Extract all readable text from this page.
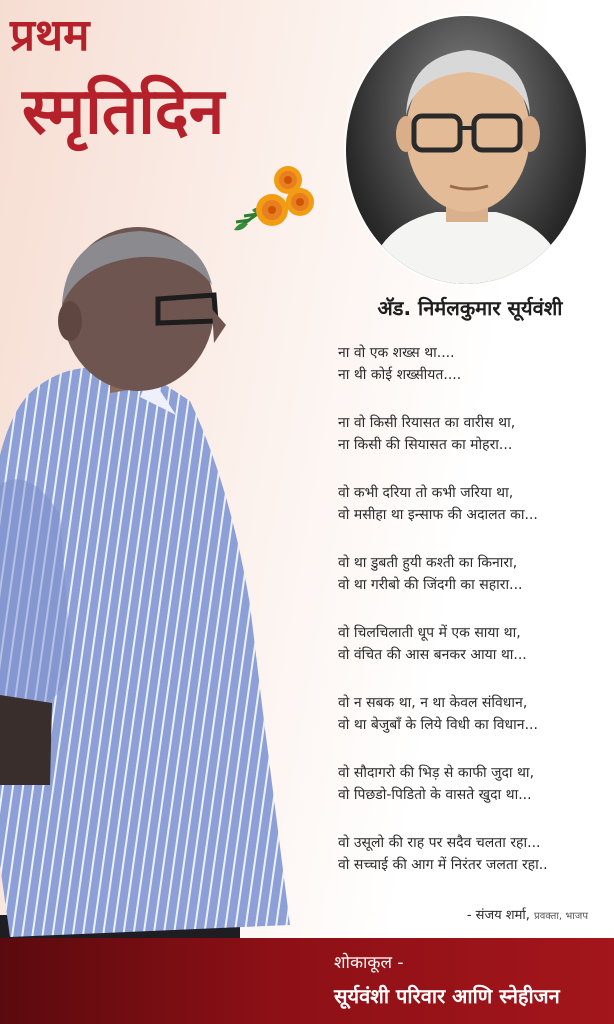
प्रथम
स्मृतिदिन
अ‍ॅड. निर्मलकुमार सूर्यवंशी
ना वो एक शख्स था....
ना थी कोई शख्सीयत....
ना वो किसी रियासत का वारीस था,
ना किसी की सियासत का मोहरा...
वो कभी दरिया तो कभी जरिया था,
वो मसीहा था इन्साफ की अदालत का...
वो था डुबती हुयी कश्ती का किनारा,
वो था गरीबो की जिंदगी का सहारा...
वो चिलचिलाती धूप में एक साया था,
वो वंचित की आस बनकर आया था...
वो न सबक था, न था केवल संविधान,
वो था बेजुबाँ के लिये विधी का विधान...
वो सौदागरो की भिड़ से काफी जुदा था,
वो पिछडो-पिडितो के वासते खुदा था...
वो उसूलो की राह पर सदैव चलता रहा...
वो सच्चाई की आग में निरंतर जलता रहा..
- संजय शर्मा, प्रवक्ता, भाजप
शोकाकूल -
सूर्यवंशी परिवार आणि स्नेहीजन
